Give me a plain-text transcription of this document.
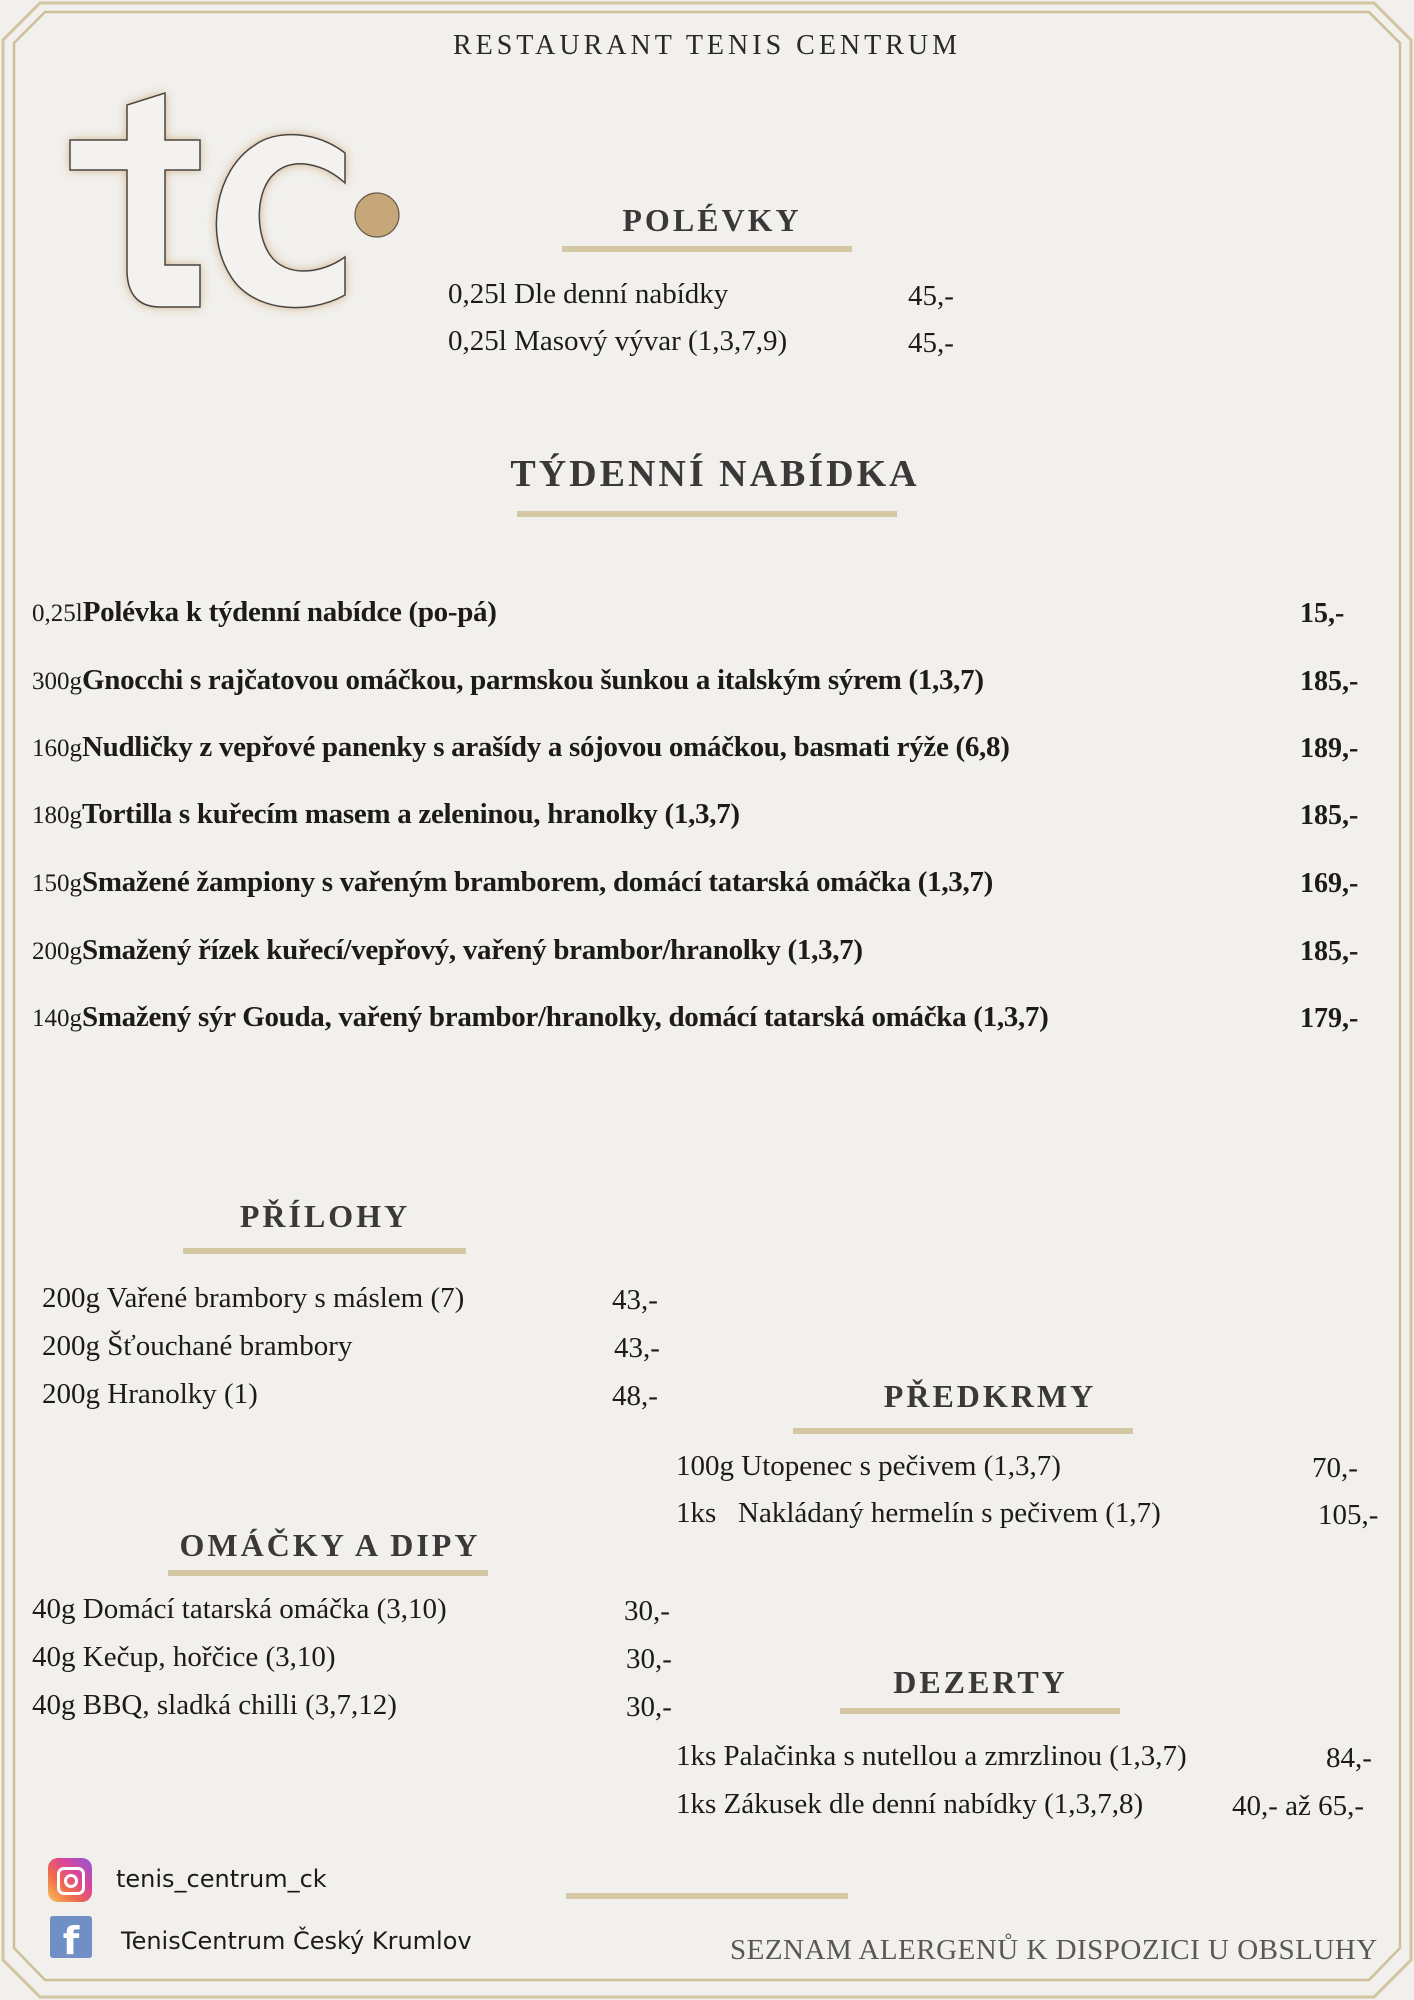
RESTAURANT TENIS CENTRUM
POLÉVKY
0,25l Dle denní nabídky	45,-
0,25l Masový vývar (1,3,7,9)	45,-
TÝDENNÍ NABÍDKA
0,25lPolévka k týdenní nabídce (po-pá)	15,-
300gGnocchi s rajčatovou omáčkou, parmskou šunkou a italským sýrem (1,3,7)	185,-
160gNudličky z vepřové panenky s arašídy a sójovou omáčkou, basmati rýže (6,8)	189,-
180gTortilla s kuřecím masem a zeleninou, hranolky (1,3,7)	185,-
150gSmažené žampiony s vařeným bramborem, domácí tatarská omáčka (1,3,7)	169,-
200gSmažený řízek kuřecí/vepřový, vařený brambor/hranolky (1,3,7)	185,-
140gSmažený sýr Gouda, vařený brambor/hranolky, domácí tatarská omáčka (1,3,7)	179,-
PŘÍLOHY
200g Vařené brambory s máslem (7)	43,-
200g Šťouchané brambory	43,-
200g Hranolky (1)	48,-	PŘEDKRMY
100g Utopenec s pečivem (1,3,7)	70,-
1ks Nakládaný hermelín s pečivem (1,7)	105,-
OMÁČKY A DIPY
40g Domácí tatarská omáčka (3,10)	30,-
40g Kečup, hořčice (3,10)	30,-
40g BBQ, sladká chilli (3,7,12)	30,-
DEZERTY
1ks Palačinka s nutellou a zmrzlinou (1,3,7)	84,-
1ks Zákusek dle denní nabídky (1,3,7,8)	40,- až 65,-
tenis_centrum_ck
f	TenisCentrum Český Krumlov	SEZNAM ALERGENŮ K DISPOZICI U OBSLUHY
